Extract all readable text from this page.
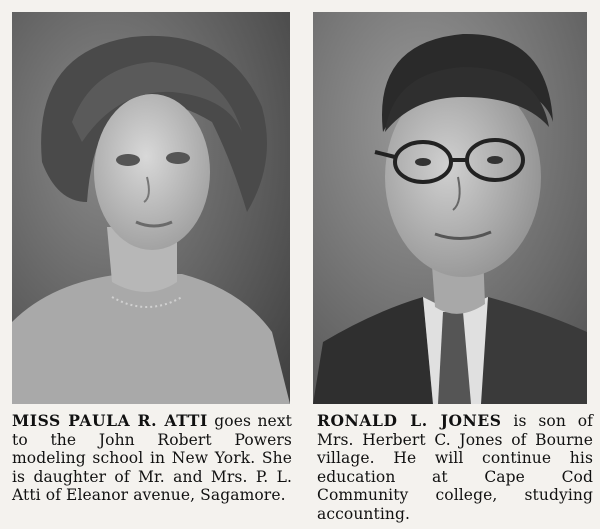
MISS PAULA R. ATTI goes next to the John Robert Powers modeling school in New York. She is daughter of Mr. and Mrs. P. L. Atti of Eleanor avenue, Sagamore.

RONALD L. JONES is son of Mrs. Herbert C. Jones of Bourne village. He will continue his education at Cape Cod Community college, studying accounting.
